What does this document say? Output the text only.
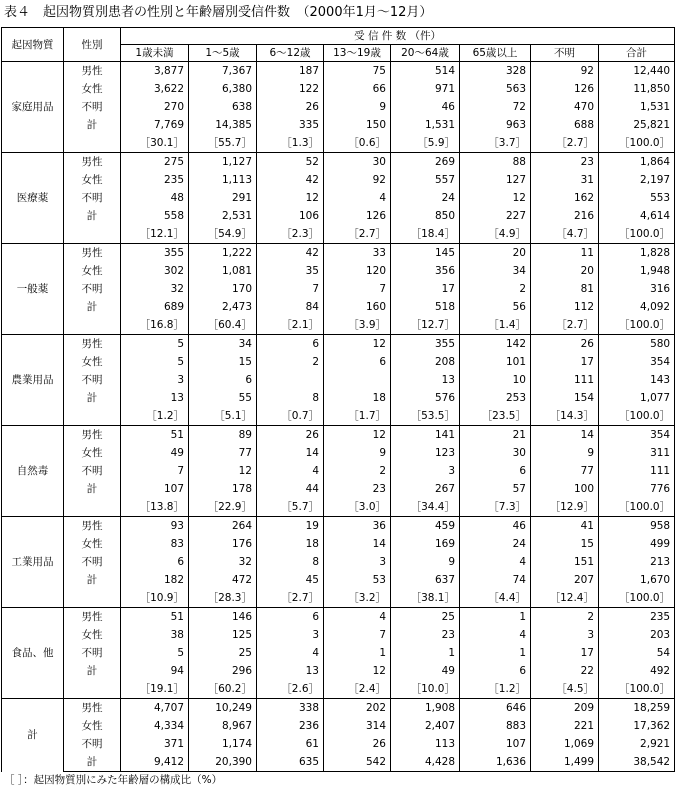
表４　起因物質別患者の性別と年齢層別受信件数　（2000年1月～12月）
起因物質	性別	受 信 件 数 （件）							
		1歳未満	1～5歳	6～12歳	13～19歳	20～64歳	65歳以上	不明	合計
家庭用品	男性	3,877	7,367	187	75	514	328	92	12,440
	女性	3,622	6,380	122	66	971	563	126	11,850
	不明	270	638	26	9	46	72	470	1,531
	計	7,769	14,385	335	150	1,531	963	688	25,821
		［30.1］	［55.7］	［1.3］	［0.6］	［5.9］	［3.7］	［2.7］	［100.0］
医療薬	男性	275	1,127	52	30	269	88	23	1,864
	女性	235	1,113	42	92	557	127	31	2,197
	不明	48	291	12	4	24	12	162	553
	計	558	2,531	106	126	850	227	216	4,614
		［12.1］	［54.9］	［2.3］	［2.7］	［18.4］	［4.9］	［4.7］	［100.0］
一般薬	男性	355	1,222	42	33	145	20	11	1,828
	女性	302	1,081	35	120	356	34	20	1,948
	不明	32	170	7	7	17	2	81	316
	計	689	2,473	84	160	518	56	112	4,092
		［16.8］	［60.4］	［2.1］	［3.9］	［12.7］	［1.4］	［2.7］	［100.0］
農業用品	男性	5	34	6	12	355	142	26	580
	女性	5	15	2	6	208	101	17	354
	不明	3	6			13	10	111	143
	計	13	55	8	18	576	253	154	1,077
		［1.2］	［5.1］	［0.7］	［1.7］	［53.5］	［23.5］	［14.3］	［100.0］
自然毒	男性	51	89	26	12	141	21	14	354
	女性	49	77	14	9	123	30	9	311
	不明	7	12	4	2	3	6	77	111
	計	107	178	44	23	267	57	100	776
		［13.8］	［22.9］	［5.7］	［3.0］	［34.4］	［7.3］	［12.9］	［100.0］
工業用品	男性	93	264	19	36	459	46	41	958
	女性	83	176	18	14	169	24	15	499
	不明	6	32	8	3	9	4	151	213
	計	182	472	45	53	637	74	207	1,670
		［10.9］	［28.3］	［2.7］	［3.2］	［38.1］	［4.4］	［12.4］	［100.0］
食品、他	男性	51	146	6	4	25	1	2	235
	女性	38	125	3	7	23	4	3	203
	不明	5	25	4	1	1	1	17	54
	計	94	296	13	12	49	6	22	492
		［19.1］	［60.2］	［2.6］	［2.4］	［10.0］	［1.2］	［4.5］	［100.0］
計	男性	4,707	10,249	338	202	1,908	646	209	18,259
	女性	4,334	8,967	236	314	2,407	883	221	17,362
	不明	371	1,174	61	26	113	107	1,069	2,921
	計	9,412	20,390	635	542	4,428	1,636	1,499	38,542
［ ］：起因物質別にみた年齢層の構成比（%）
